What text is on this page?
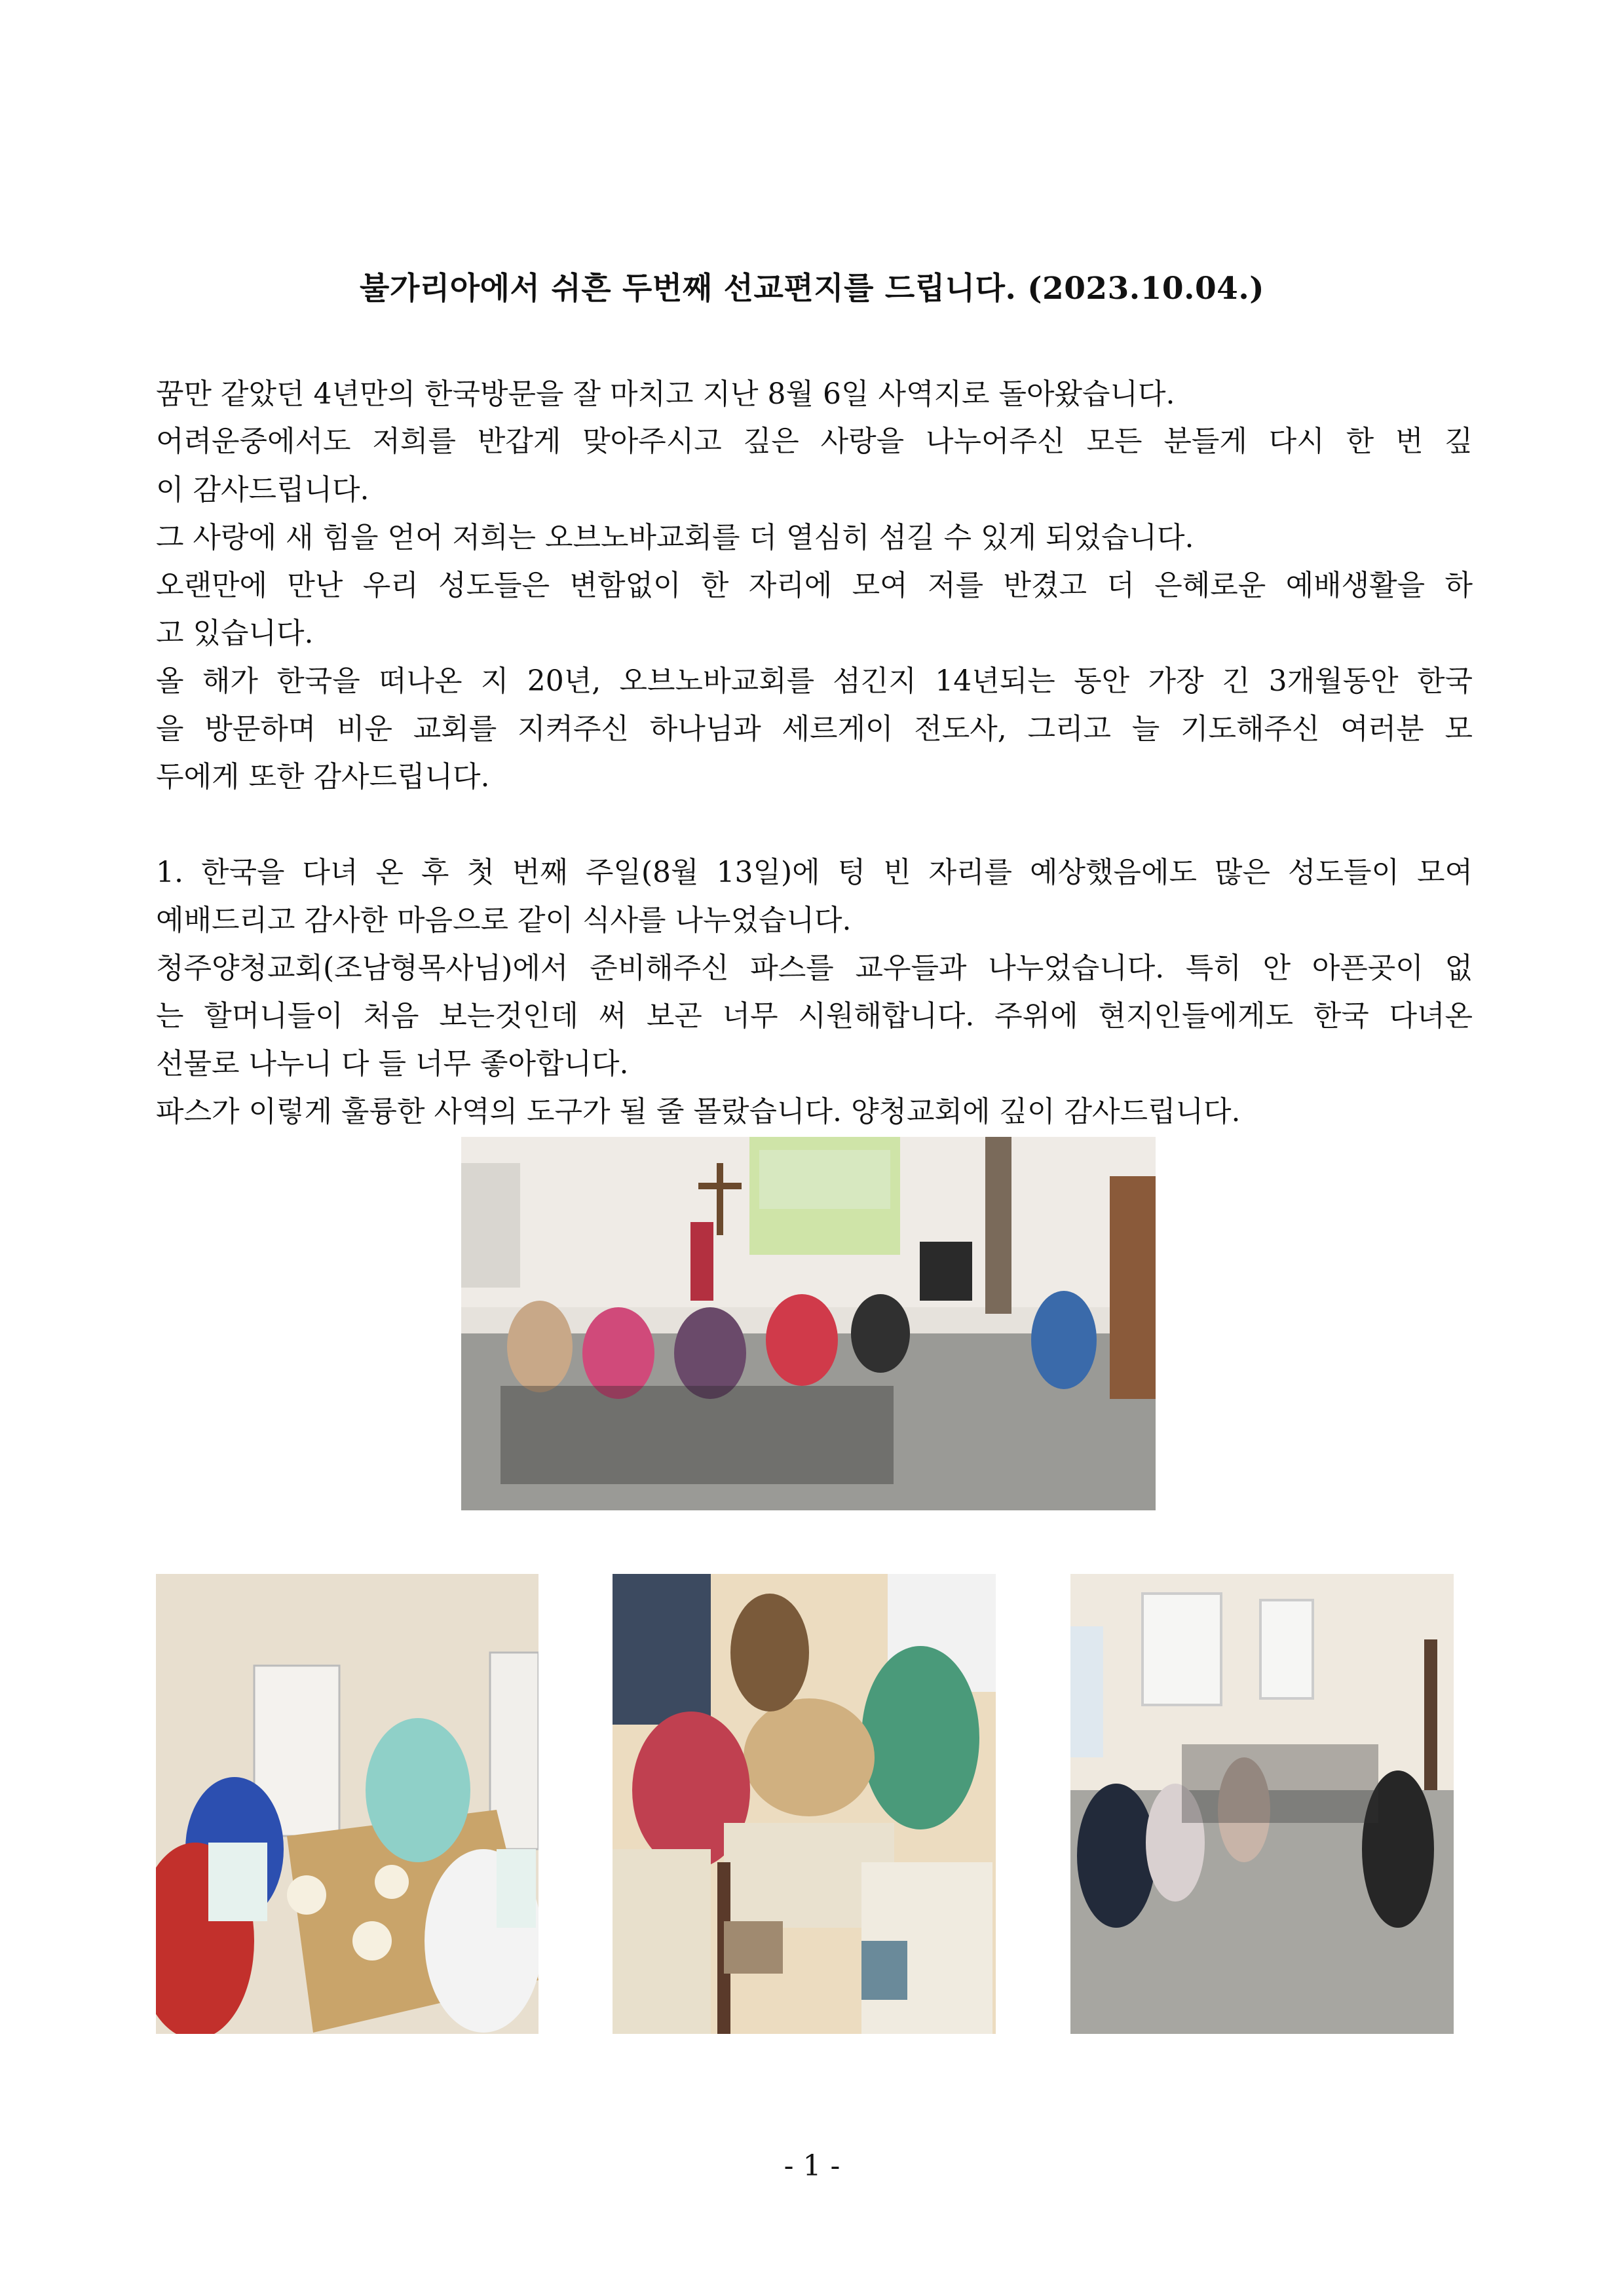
불가리아에서 쉬흔 두번째 선교편지를 드립니다. (2023.10.04.)
꿈만 같았던 4년만의 한국방문을 잘 마치고 지난 8월 6일 사역지로 돌아왔습니다.
어려운중에서도 저희를 반갑게 맞아주시고 깊은 사랑을 나누어주신 모든 분들게 다시 한 번 깊
이 감사드립니다.
그 사랑에 새 힘을 얻어 저희는 오브노바교회를 더 열심히 섬길 수 있게 되었습니다.
오랜만에 만난 우리 성도들은 변함없이 한 자리에 모여 저를 반겼고 더 은혜로운 예배생활을 하
고 있습니다.
올 해가 한국을 떠나온 지 20년, 오브노바교회를 섬긴지 14년되는 동안 가장 긴 3개월동안 한국
을 방문하며 비운 교회를 지켜주신 하나님과 세르게이 전도사, 그리고 늘 기도해주신 여러분 모
두에게 또한 감사드립니다.
1. 한국을 다녀 온 후 첫 번째 주일(8월 13일)에 텅 빈 자리를 예상했음에도 많은 성도들이 모여
예배드리고 감사한 마음으로 같이 식사를 나누었습니다.
청주양청교회(조남형목사님)에서 준비해주신 파스를 교우들과 나누었습니다. 특히 안 아픈곳이 없
는 할머니들이 처음 보는것인데 써 보곤 너무 시원해합니다. 주위에 현지인들에게도 한국 다녀온
선물로 나누니 다 들 너무 좋아합니다.
파스가 이렇게 훌륭한 사역의 도구가 될 줄 몰랐습니다. 양청교회에 깊이 감사드립니다.
- 1 -
